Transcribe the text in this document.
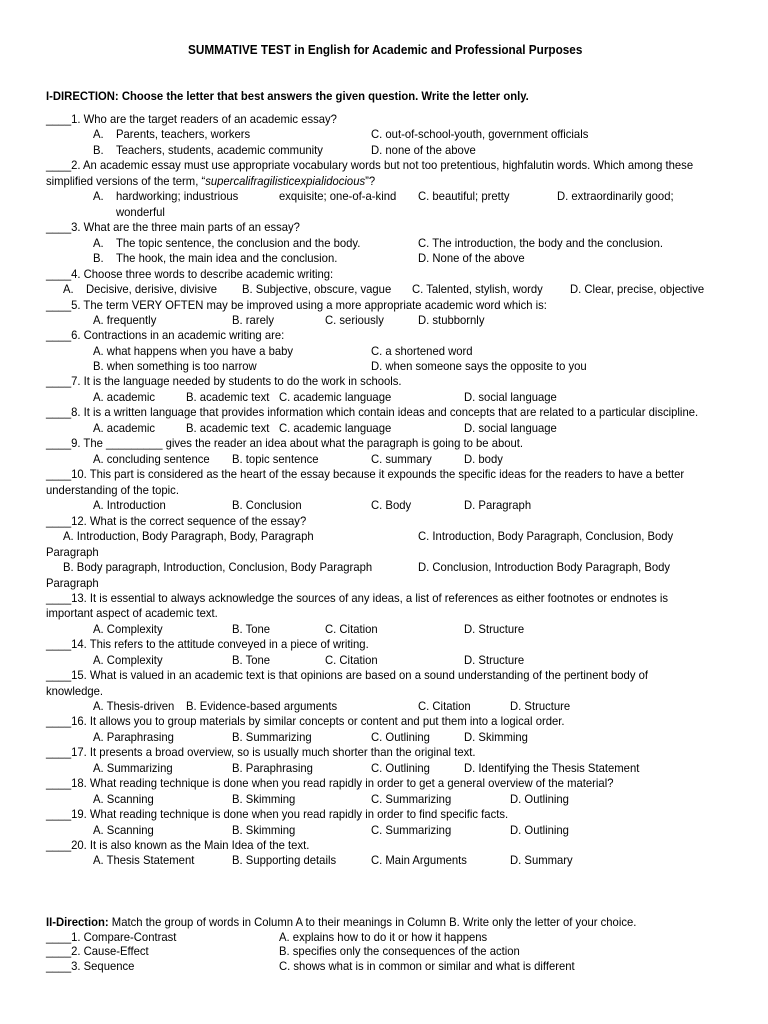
SUMMATIVE TEST in English for Academic and Professional Purposes
I-DIRECTION: Choose the letter that best answers the given question. Write the letter only.
____1. Who are the target readers of an academic essay?
A. Parents, teachers, workers	C. out-of-school-youth, government officials
B. Teachers, students, academic community	D. none of the above
____2. An academic essay must use appropriate vocabulary words but not too pretentious, highfalutin words. Which among these
simplified versions of the term, “supercalifragilisticexpialidocious”?
A. hardworking; industrious	exquisite; one-of-a-kind C. beautiful; pretty	D. extraordinarily good;
wonderful
____3. What are the three main parts of an essay?
A. The topic sentence, the conclusion and the body.	C. The introduction, the body and the conclusion.
B. The hook, the main idea and the conclusion.	D. None of the above
____4. Choose three words to describe academic writing:
A. Decisive, derisive, divisive B. Subjective, obscure, vague C. Talented, stylish, wordy D. Clear, precise, objective
____5. The term VERY OFTEN may be improved using a more appropriate academic word which is:
A. frequently	B. rarely	C. seriously	D. stubbornly
____6. Contractions in an academic writing are:
A. what happens when you have a baby	C. a shortened word
B. when something is too narrow	D. when someone says the opposite to you
____7. It is the language needed by students to do the work in schools.
A. academic	B. academic text C. academic language	D. social language
____8. It is a written language that provides information which contain ideas and concepts that are related to a particular discipline.
A. academic	B. academic text C. academic language	D. social language
____9. The _________ gives the reader an idea about what the paragraph is going to be about.
A. concluding sentence B. topic sentence	C. summary	D. body
____10. This part is considered as the heart of the essay because it expounds the specific ideas for the readers to have a better
understanding of the topic.
A. Introduction	B. Conclusion	C. Body	D. Paragraph
____12. What is the correct sequence of the essay?
A. Introduction, Body Paragraph, Body, Paragraph	C. Introduction, Body Paragraph, Conclusion, Body
Paragraph
B. Body paragraph, Introduction, Conclusion, Body Paragraph	D. Conclusion, Introduction Body Paragraph, Body
Paragraph
____13. It is essential to always acknowledge the sources of any ideas, a list of references as either footnotes or endnotes is
important aspect of academic text.
A. Complexity	B. Tone	C. Citation	D. Structure
____14. This refers to the attitude conveyed in a piece of writing.
A. Complexity	B. Tone	C. Citation	D. Structure
____15. What is valued in an academic text is that opinions are based on a sound understanding of the pertinent body of
knowledge.
A. Thesis-driven B. Evidence-based arguments	C. Citation	D. Structure
____16. It allows you to group materials by similar concepts or content and put them into a logical order.
A. Paraphrasing	B. Summarizing	C. Outlining	D. Skimming
____17. It presents a broad overview, so is usually much shorter than the original text.
A. Summarizing	B. Paraphrasing	C. Outlining	D. Identifying the Thesis Statement
____18. What reading technique is done when you read rapidly in order to get a general overview of the material?
A. Scanning	B. Skimming	C. Summarizing	D. Outlining
____19. What reading technique is done when you read rapidly in order to find specific facts.
A. Scanning	B. Skimming	C. Summarizing	D. Outlining
____20. It is also known as the Main Idea of the text.
A. Thesis Statement	B. Supporting details	C. Main Arguments	D. Summary
II-Direction: Match the group of words in Column A to their meanings in Column B. Write only the letter of your choice.
____1. Compare-Contrast	A. explains how to do it or how it happens
____2. Cause-Effect	B. specifies only the consequences of the action
____3. Sequence	C. shows what is in common or similar and what is different
